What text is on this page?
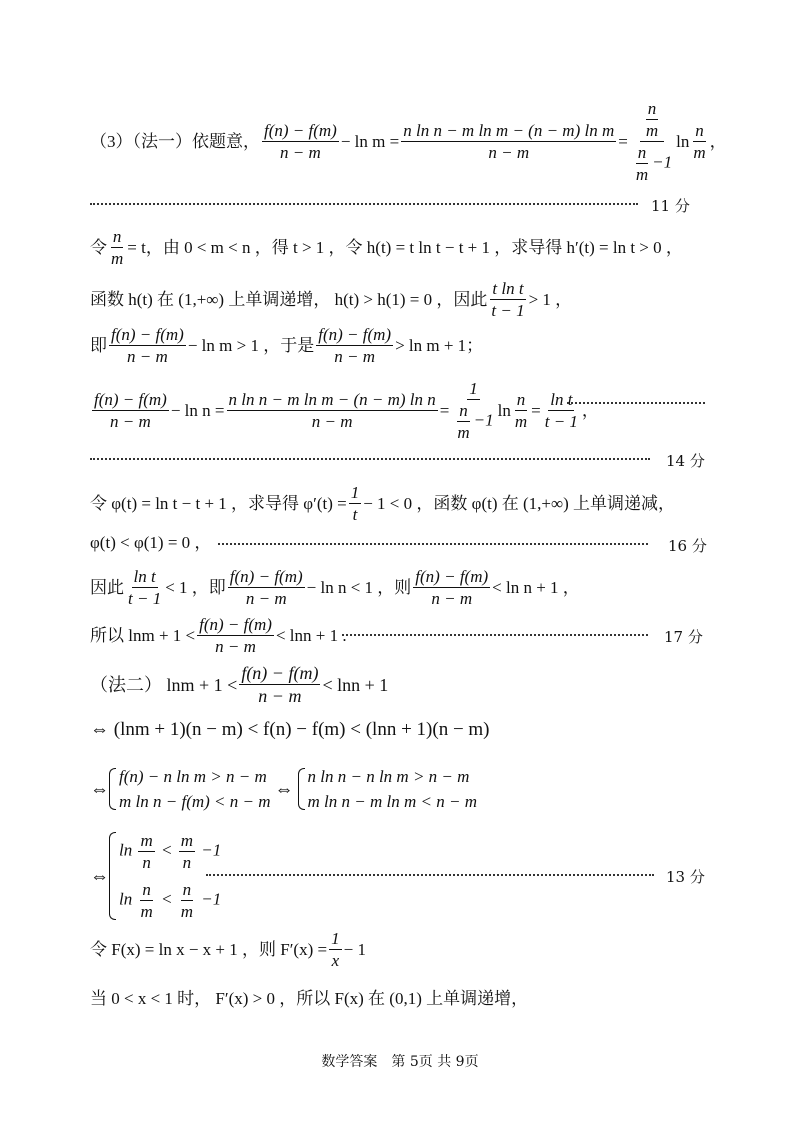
（3）（法一）依题意， $\frac{f(n) - f(m)}{n - m} - \ln m = \frac{\text{n ln n − m ln m − (n − m) ln m}}{n - m} = \frac{\frac{n}{m}}{\frac{n}{m} -1}$ $\ln \frac{n}{m}$ ，
11 分
令 $\frac{n}{m} = t$ ，由 0 < m < n ，得 t > 1 ，令 h(t) = t ln t − t + 1 ，求导得 h′(t) = ln t > 0 ，
函数 h(t) 在 (1,+∞) 上单调递增， h(t) > h(1) = 0 ，因此 $\frac{\text{t ln t}}{t - 1} > 1$ ，
即 $\frac{f(n) - f(m)}{n - m} - \ln m > 1$ ，于是 $\frac{f(n) - f(m)}{n - m} > \ln m + 1$；
$\frac{f(n) - f(m)}{n - m} - \ln n = \frac{\text{n ln n − m ln m − (n − m) ln n}}{n - m} = \frac{1}{\frac{n}{m} -1}$ $\ln \frac{n}{m} = \frac{\text{ln t}}{t - 1}$ ，
14 分
令 φ(t) = ln t − t + 1 ，求导得 $\varphi'(t) = \frac{1}{t} - 1 < 0$ ，函数 φ(t) 在 (1,+∞) 上单调递减，
φ(t) < φ(1) = 0 ，	16 分
因此 $\frac{\text{ln t}}{t - 1} < 1$ ，即 $\frac{f(n) - f(m)}{n - m} - \ln n < 1$ ，则 $\frac{f(n) - f(m)}{n - m} < \ln n + 1$ ，
所以 $\ln m + 1 < \frac{f(n) - f(m)}{n - m} < \ln n + 1$ .	17 分
（法二） $\ln m + 1 < \frac{f(n) - f(m)}{n - m} < \ln n + 1$
⇔ (lnm + 1)(n − m) < f(n) − f(m) < (lnn + 1)(n − m)
⇔
f(n) − n ln m > n − m
m ln n − f(m) < n − m
⇔
n ln n − n ln m > n − m
m ln n − m ln m < n − m
⇔
$\ln \frac{m}{n} < \frac{m}{n} -1$
$\ln \frac{n}{m} < \frac{n}{m} -1$
13 分
令 F(x) = ln x − x + 1 ，则 $F'(x) = \frac{1}{x} - 1$
当 0 < x < 1 时， F′(x) > 0 ，所以 F(x) 在 (0,1) 上单调递增，
数学答案　第 5页 共 9页
